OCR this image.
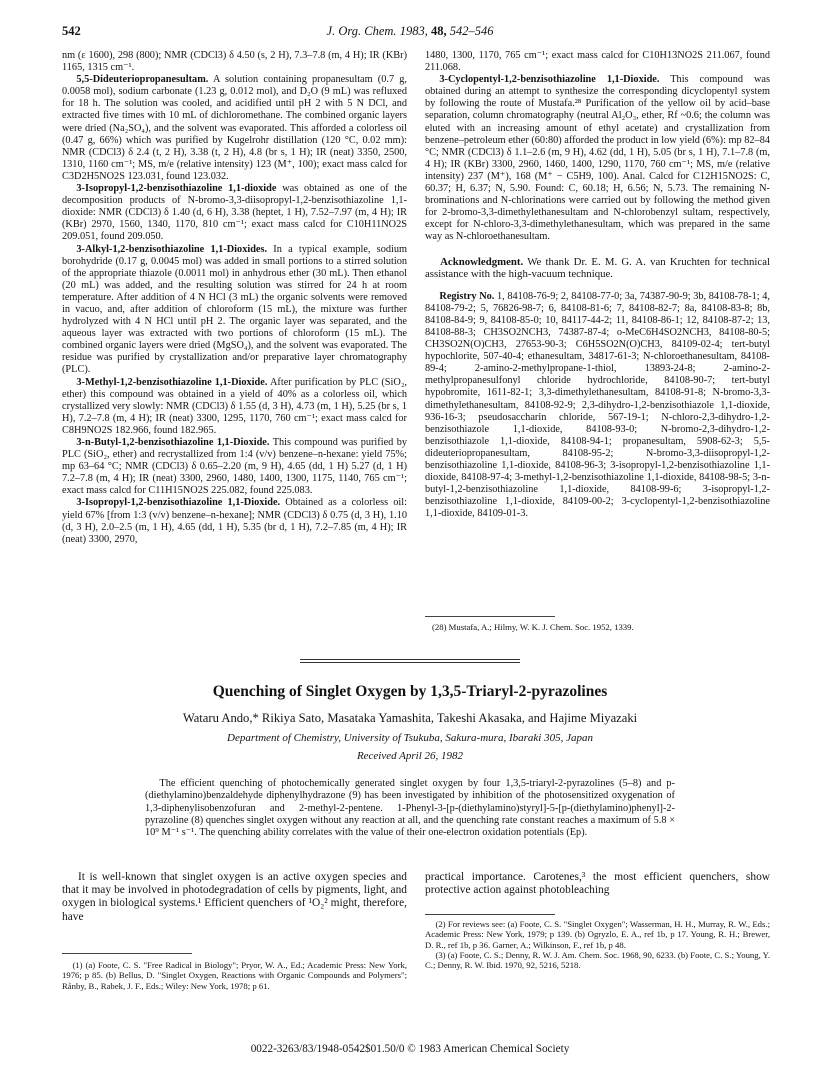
542	J. Org. Chem. 1983, 48, 542–546

nm (ε 1600), 298 (800); NMR (CDCl3) δ 4.50 (s, 2 H), 7.3–7.8 (m, 4 H); IR (KBr) 1165, 1315 cm⁻¹.

5,5-Dideuteriopropanesultam. A solution containing propanesultam (0.7 g, 0.0058 mol), sodium carbonate (1.23 g, 0.012 mol), and D₂O (9 mL) was refluxed for 18 h. The solution was cooled, and acidified until pH 2 with 5 N DCl, and extracted five times with 10 mL of dichloromethane. The combined organic layers were dried (Na₂SO₄), and the solvent was evaporated. This afforded a colorless oil (0.47 g, 66%) which was purified by Kugelrohr distillation (120 °C, 0.02 mm): NMR (CDCl3) δ 2.4 (t, 2 H), 3.38 (t, 2 H), 4.8 (br s, 1 H); IR (neat) 3350, 2500, 1310, 1160 cm⁻¹; MS, m/e (relative intensity) 123 (M⁺, 100); exact mass calcd for C3D2H5NO2S 123.031, found 123.032.

3-Isopropyl-1,2-benzisothiazoline 1,1-dioxide was obtained as one of the decomposition products of N-bromo-3,3-diisopropyl-1,2-benzisothiazoline 1,1-dioxide: NMR (CDCl3) δ 1.40 (d, 6 H), 3.38 (heptet, 1 H), 7.52–7.97 (m, 4 H); IR (KBr) 2970, 1560, 1340, 1170, 810 cm⁻¹; exact mass calcd for C10H11NO2S 209.051, found 209.050.

3-Alkyl-1,2-benzisothiazoline 1,1-Dioxides. In a typical example, sodium borohydride (0.17 g, 0.0045 mol) was added in small portions to a stirred solution of the appropriate thiazole (0.0011 mol) in anhydrous ether (30 mL). Then ethanol (20 mL) was added, and the resulting solution was stirred for 24 h at room temperature. After addition of 4 N HCl (3 mL) the organic solvents were removed in vacuo, and, after addition of chloroform (15 mL), the mixture was further hydrolyzed with 4 N HCl until pH 2. The organic layer was separated, and the aqueous layer was extracted with two portions of chloroform (15 mL). The combined organic layers were dried (MgSO₄), and the solvent was evaporated. The residue was purified by crystallization and/or preparative layer chromatography (PLC).

3-Methyl-1,2-benzisothiazoline 1,1-Dioxide. After purification by PLC (SiO₂, ether) this compound was obtained in a yield of 40% as a colorless oil, which crystallized very slowly: NMR (CDCl3) δ 1.55 (d, 3 H), 4.73 (m, 1 H), 5.25 (br s, 1 H), 7.2–7.8 (m, 4 H); IR (neat) 3300, 1295, 1170, 760 cm⁻¹; exact mass calcd for C8H9NO2S 182.966, found 182.965.

3-n-Butyl-1,2-benzisothiazoline 1,1-Dioxide. This compound was purified by PLC (SiO₂, ether) and recrystallized from 1:4 (v/v) benzene–n-hexane: yield 75%; mp 63–64 °C; NMR (CDCl3) δ 0.65–2.20 (m, 9 H), 4.65 (dd, 1 H) 5.27 (d, 1 H) 7.2–7.8 (m, 4 H); IR (neat) 3300, 2960, 1480, 1400, 1300, 1175, 1140, 765 cm⁻¹; exact mass calcd for C11H15NO2S 225.082, found 225.083.

3-Isopropyl-1,2-benzisothiazoline 1,1-Dioxide. Obtained as a colorless oil: yield 67% [from 1:3 (v/v) benzene–n-hexane]; NMR (CDCl3) δ 0.75 (d, 3 H), 1.10 (d, 3 H), 2.0–2.5 (m, 1 H), 4.65 (dd, 1 H), 5.35 (br d, 1 H), 7.2–7.85 (m, 4 H); IR (neat) 3300, 2970,

1480, 1300, 1170, 765 cm⁻¹; exact mass calcd for C10H13NO2S 211.067, found 211.068.

3-Cyclopentyl-1,2-benzisothiazoline 1,1-Dioxide. This compound was obtained during an attempt to synthesize the corresponding dicyclopentyl system by following the route of Mustafa.²⁸ Purification of the yellow oil by acid–base separation, column chromatography (neutral Al₂O₃, ether, Rf ~0.6; the column was eluted with an increasing amount of ethyl acetate) and crystallization from benzene–petroleum ether (60:80) afforded the product in low yield (6%): mp 82–84 °C; NMR (CDCl3) δ 1.1–2.6 (m, 9 H), 4.62 (dd, 1 H), 5.05 (br s, 1 H), 7.1–7.8 (m, 4 H); IR (KBr) 3300, 2960, 1460, 1400, 1290, 1170, 760 cm⁻¹; MS, m/e (relative intensity) 237 (M⁺), 168 (M⁺ − C5H9, 100). Anal. Calcd for C12H15NO2S: C, 60.37; H, 6.37; N, 5.90. Found: C, 60.18; H, 6.56; N, 5.73. The remaining N-brominations and N-chlorinations were carried out by following the method given for 2-bromo-3,3-dimethylethanesultam and N-chlorobenzyl sultam, respectively, except for N-chloro-3,3-dimethylethanesultam, which was prepared in the same way as N-chloroethanesultam.

Acknowledgment. We thank Dr. E. M. G. A. van Kruchten for technical assistance with the high-vacuum technique.

Registry No. 1, 84108-76-9; 2, 84108-77-0; 3a, 74387-90-9; 3b, 84108-78-1; 4, 84108-79-2; 5, 76826-98-7; 6, 84108-81-6; 7, 84108-82-7; 8a, 84108-83-8; 8b, 84108-84-9; 9, 84108-85-0; 10, 84117-44-2; 11, 84108-86-1; 12, 84108-87-2; 13, 84108-88-3; CH3SO2NCH3, 74387-87-4; o-MeC6H4SO2NCH3, 84108-80-5; CH3SO2N(O)CH3, 27653-90-3; C6H5SO2N(O)CH3, 84109-02-4; tert-butyl hypochlorite, 507-40-4; ethanesultam, 34817-61-3; N-chloroethanesultam, 84108-89-4; 2-amino-2-methylpropane-1-thiol, 13893-24-8; 2-amino-2-methylpropanesulfonyl chloride hydrochloride, 84108-90-7; tert-butyl hypobromite, 1611-82-1; 3,3-dimethylethanesultam, 84108-91-8; N-bromo-3,3-dimethylethanesultam, 84108-92-9; 2,3-dihydro-1,2-benzisothiazole 1,1-dioxide, 936-16-3; pseudosaccharin chloride, 567-19-1; N-chloro-2,3-dihydro-1,2-benzisothiazole 1,1-dioxide, 84108-93-0; N-bromo-2,3-dihydro-1,2-benzisothiazole 1,1-dioxide, 84108-94-1; propanesultam, 5908-62-3; 5,5-dideuteriopropanesultam, 84108-95-2; N-bromo-3,3-diisopropyl-1,2-benzisothiazoline 1,1-dioxide, 84108-96-3; 3-isopropyl-1,2-benzisothiazoline 1,1-dioxide, 84108-97-4; 3-methyl-1,2-benzisothiazoline 1,1-dioxide, 84108-98-5; 3-n-butyl-1,2-benzisothiazoline 1,1-dioxide, 84108-99-6; 3-isopropyl-1,2-benzisothiazoline 1,1-dioxide, 84109-00-2; 3-cyclopentyl-1,2-benzisothiazoline 1,1-dioxide, 84109-01-3.

(28) Mustafa, A.; Hilmy, W. K. J. Chem. Soc. 1952, 1339.
Quenching of Singlet Oxygen by 1,3,5-Triaryl-2-pyrazolines
Wataru Ando,* Rikiya Sato, Masataka Yamashita, Takeshi Akasaka, and Hajime Miyazaki
Department of Chemistry, University of Tsukuba, Sakura-mura, Ibaraki 305, Japan
Received April 26, 1982
The efficient quenching of photochemically generated singlet oxygen by four 1,3,5-triaryl-2-pyrazolines (5–8) and p-(diethylamino)benzaldehyde diphenylhydrazone (9) has been investigated by inhibition of the photosensitized oxygenation of 1,3-diphenylisobenzofuran and 2-methyl-2-pentene. 1-Phenyl-3-[p-(diethylamino)styryl]-5-[p-(diethylamino)phenyl]-2-pyrazoline (8) quenches singlet oxygen without any reaction at all, and the quenching rate constant reaches a maximum of 5.8 × 10⁹ M⁻¹ s⁻¹. The quenching ability correlates with the value of their one-electron oxidation potentials (Ep).

It is well-known that singlet oxygen is an active oxygen species and that it may be involved in photodegradation of cells by pigments, light, and oxygen in biological systems.¹ Efficient quenchers of ¹O₂² might, therefore, have

practical importance. Carotenes,³ the most efficient quenchers, show protective action against photobleaching

(1) (a) Foote, C. S. "Free Radical in Biology"; Pryor, W. A., Ed.; Academic Press: New York, 1976; p 85. (b) Bellus, D. "Singlet Oxygen, Reactions with Organic Compounds and Polymers"; Rånby, B., Rabek, J. F., Eds.; Wiley: New York, 1978; p 61.

(2) For reviews see: (a) Foote, C. S. "Singlet Oxygen"; Wasserman, H. H., Murray, R. W., Eds.; Academic Press: New York, 1979; p 139. (b) Ogryzlo, E. A., ref 1b, p 17. Young, R. H.; Brewer, D. R., ref 1b, p 36. Garner, A.; Wilkinson, F., ref 1b, p 48.

(3) (a) Foote, C. S.; Denny, R. W. J. Am. Chem. Soc. 1968, 90, 6233. (b) Foote, C. S.; Young, Y. C.; Denny, R. W. Ibid. 1970, 92, 5216, 5218.

0022-3263/83/1948-0542$01.50/0 © 1983 American Chemical Society
